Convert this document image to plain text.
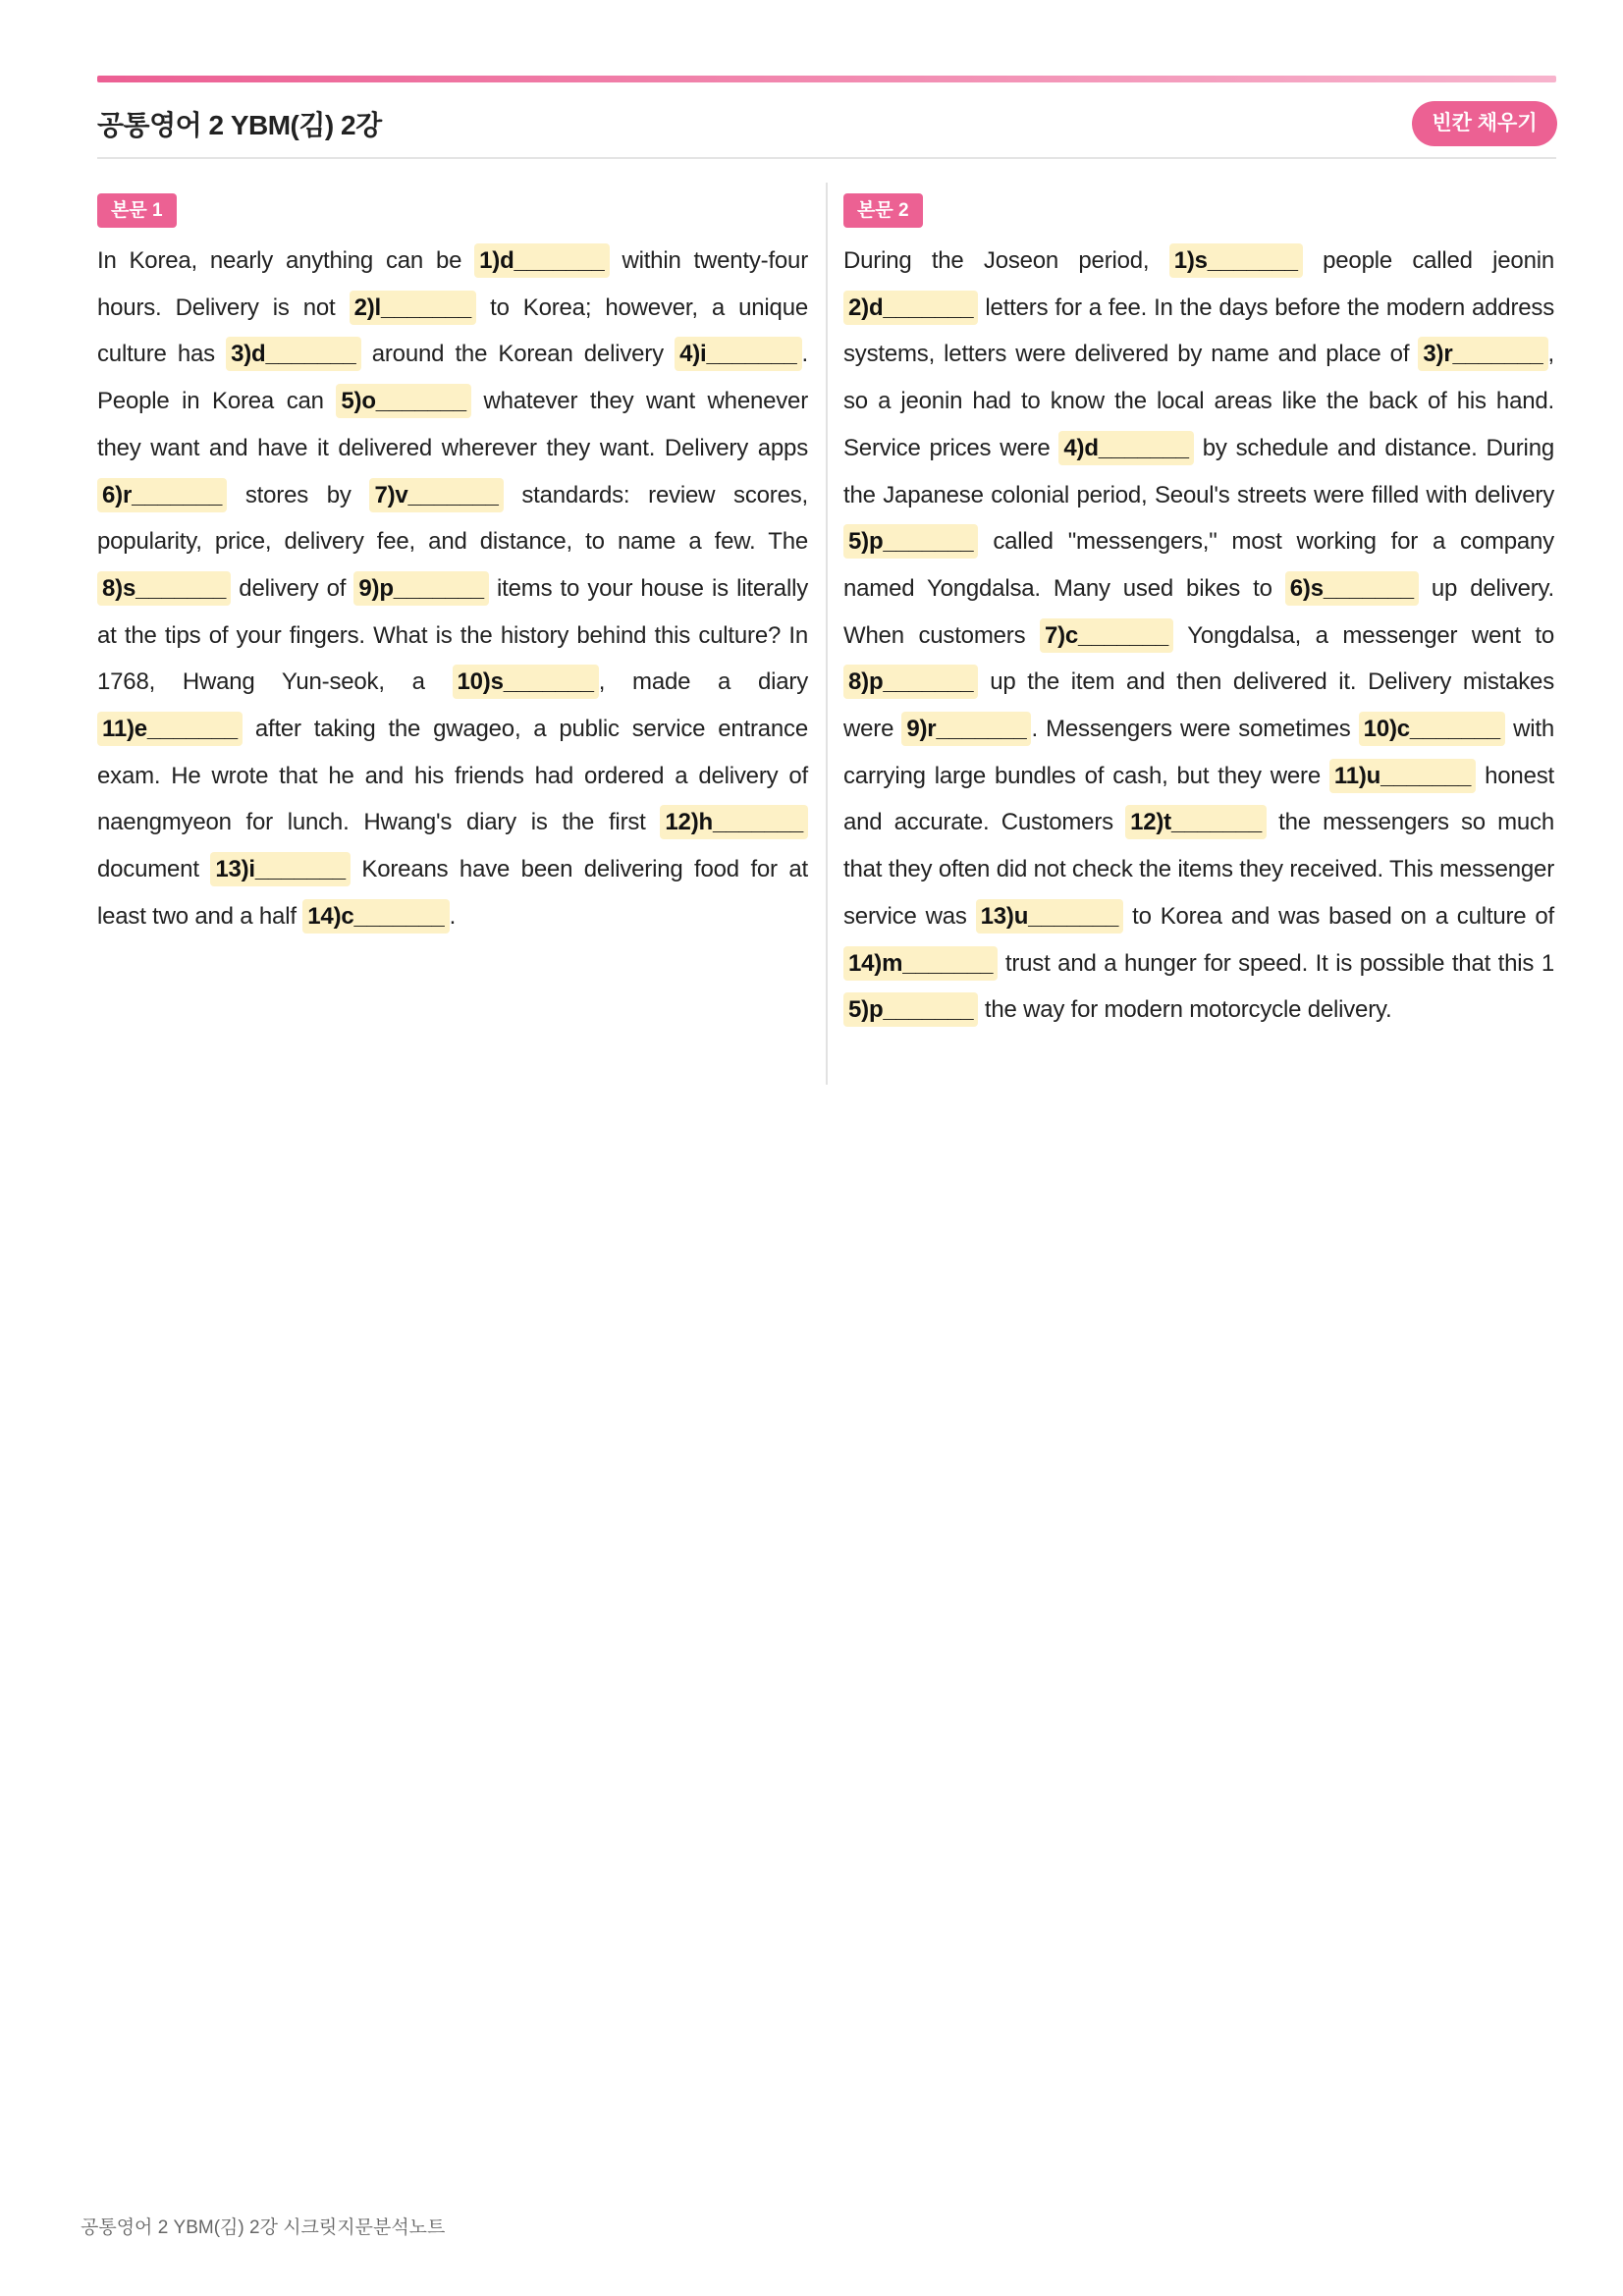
공통영어 2 YBM(김) 2강	빈칸 채우기
본문 1

In Korea, nearly anything can be 1)d_______ within twenty-four hours. Delivery is not 2)l_______ to Korea; however, a unique culture has 3)d_______ around the Korean delivery 4)i_______ . People in Korea can 5)o_______ whatever they want whenever they want and have it delivered wherever they want. Delivery apps 6)r_______ stores by 7)v_______ standards: review scores, popularity, price, delivery fee, and distance, to name a few. The 8)s_______ delivery of 9)p_______ items to your house is literally at the tips of your fingers. What is the history behind this culture? In 1768, Hwang Yun-seok, a 10)s_______ , made a diary 11)e_______ after taking the gwageo, a public service entrance exam. He wrote that he and his friends had ordered a delivery of naengmyeon for lunch. Hwang's diary is the first 12)h_______ document 13)i_______ Koreans have been delivering food for at least two and a half 14)c_______ .

본문 2

During the Joseon period, 1)s_______ people called jeonin 2)d_______ letters for a fee. In the days before the modern address systems, letters were delivered by name and place of 3)r_______ , so a jeonin had to know the local areas like the back of his hand. Service prices were 4)d_______ by schedule and distance. During the Japanese colonial period, Seoul's streets were filled with delivery 5)p_______ called "messengers," most working for a company named Yongdalsa. Many used bikes to 6)s_______ up delivery. When customers 7)c_______ Yongdalsa, a messenger went to 8)p_______ up the item and then delivered it. Delivery mistakes were 9)r_______ . Messengers were sometimes 10)c_______ with carrying large bundles of cash, but they were 11)u_______ honest and accurate. Customers 12)t_______ the messengers so much that they often did not check the items they received. This messenger service was 13)u_______ to Korea and was based on a culture of 14)m_______ trust and a hunger for speed. It is possible that this 15)p_______ the way for modern motorcycle delivery.

공통영어 2 YBM(김) 2강 시크릿지문분석노트
